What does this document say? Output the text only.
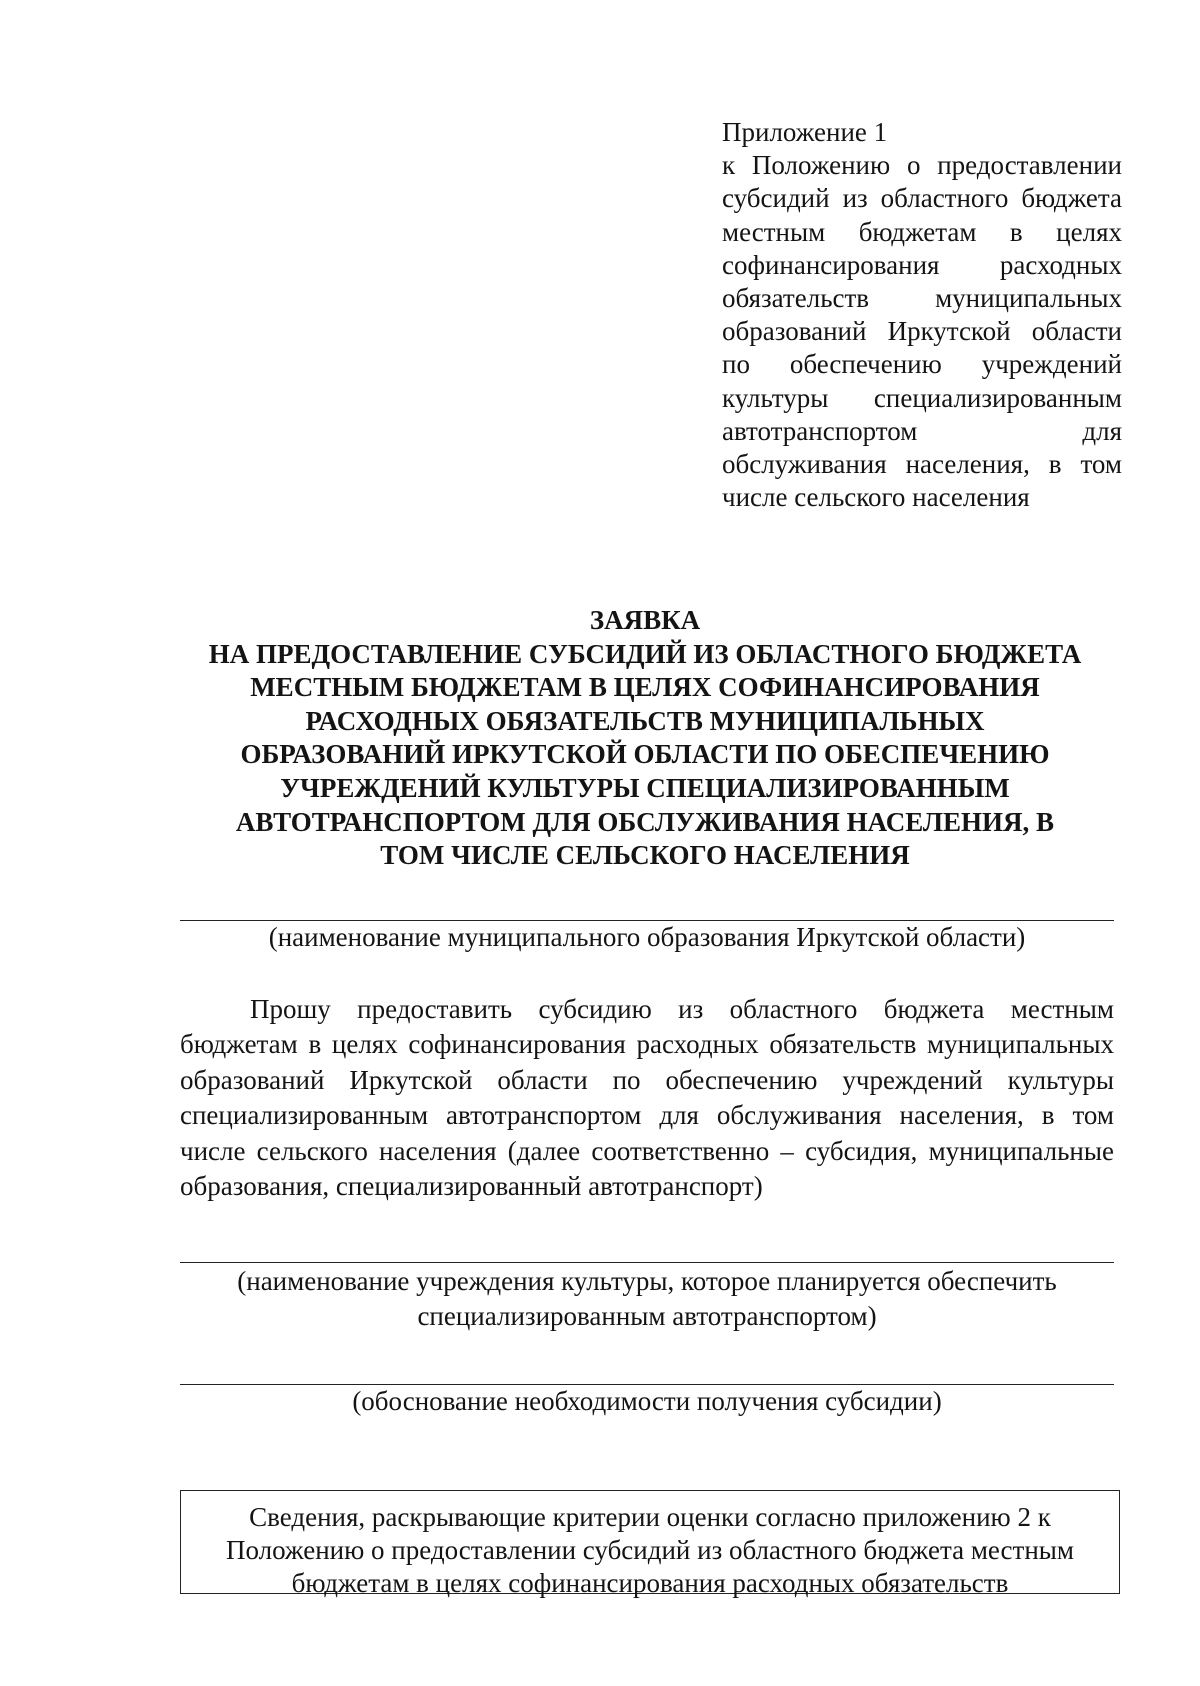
Приложение 1
к Положению о предоставлении субсидий из областного бюджета местным бюджетам в целях софинансирования расходных обязательств муниципальных образований Иркутской области по обеспечению учреждений культуры специализированным автотранспортом для обслуживания населения, в том числе сельского населения
ЗАЯВКА
НА ПРЕДОСТАВЛЕНИЕ СУБСИДИЙ ИЗ ОБЛАСТНОГО БЮДЖЕТА
МЕСТНЫМ БЮДЖЕТАМ В ЦЕЛЯХ СОФИНАНСИРОВАНИЯ
РАСХОДНЫХ ОБЯЗАТЕЛЬСТВ МУНИЦИПАЛЬНЫХ
ОБРАЗОВАНИЙ ИРКУТСКОЙ ОБЛАСТИ ПО ОБЕСПЕЧЕНИЮ
УЧРЕЖДЕНИЙ КУЛЬТУРЫ СПЕЦИАЛИЗИРОВАННЫМ
АВТОТРАНСПОРТОМ ДЛЯ ОБСЛУЖИВАНИЯ НАСЕЛЕНИЯ, В
ТОМ ЧИСЛЕ СЕЛЬСКОГО НАСЕЛЕНИЯ
(наименование муниципального образования Иркутской области)
Прошу предоставить субсидию из областного бюджета местным бюджетам в целях софинансирования расходных обязательств муниципальных образований Иркутской области по обеспечению учреждений культуры специализированным автотранспортом для обслуживания населения, в том числе сельского населения (далее соответственно – субсидия, муниципальные образования, специализированный автотранспорт)
(наименование учреждения культуры, которое планируется обеспечить
специализированным автотранспортом)
(обоснование необходимости получения субсидии)
Сведения, раскрывающие критерии оценки согласно приложению 2 к
Положению о предоставлении субсидий из областного бюджета местным
бюджетам в целях софинансирования расходных обязательств
